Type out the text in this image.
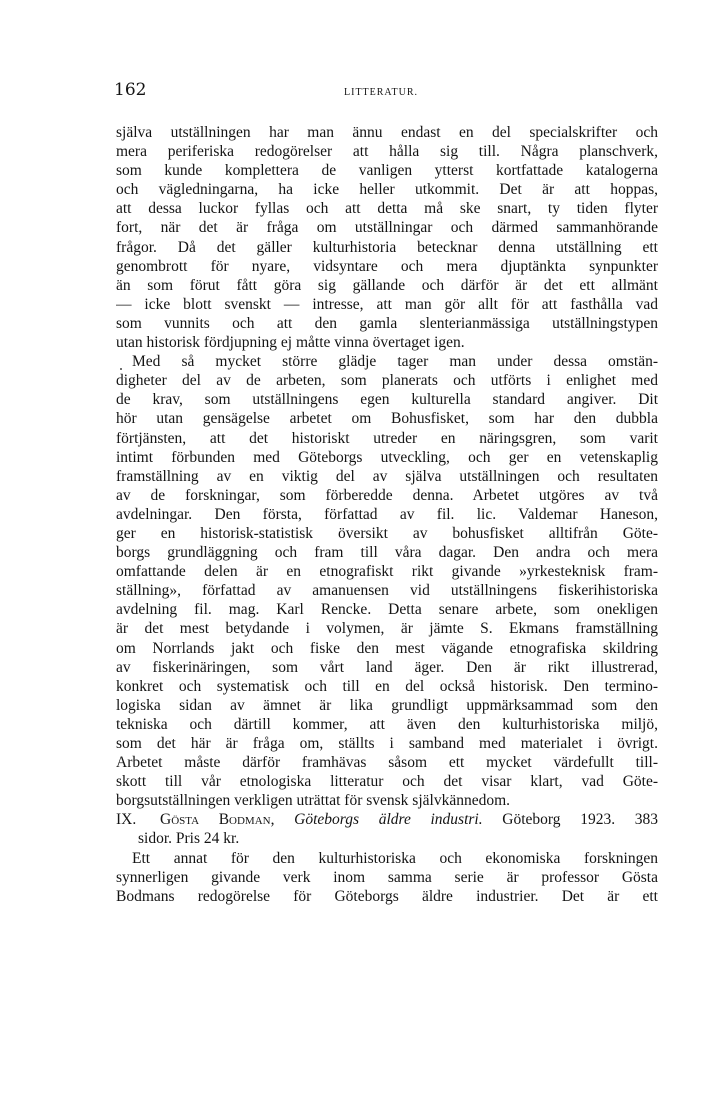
162	LITTERATUR.
själva utställningen har man ännu endast en del specialskrifter och
mera periferiska redogörelser att hålla sig till. Några planschverk,
som kunde komplettera de vanligen ytterst kortfattade katalogerna
och vägledningarna, ha icke heller utkommit. Det är att hoppas,
att dessa luckor fyllas och att detta må ske snart, ty tiden flyter
fort, när det är fråga om utställningar och därmed sammanhörande
frågor. Då det gäller kulturhistoria betecknar denna utställning ett
genombrott för nyare, vidsyntare och mera djuptänkta synpunkter
än som förut fått göra sig gällande och därför är det ett allmänt
— icke blott svenskt — intresse, att man gör allt för att fasthålla vad
som vunnits och att den gamla slenterianmässiga utställningstypen
utan historisk fördjupning ej måtte vinna övertaget igen.
Med så mycket större glädje tager man under dessa omstän-
digheter del av de arbeten, som planerats och utförts i enlighet med
de krav, som utställningens egen kulturella standard angiver. Dit
hör utan gensägelse arbetet om Bohusfisket, som har den dubbla
förtjänsten, att det historiskt utreder en näringsgren, som varit
intimt förbunden med Göteborgs utveckling, och ger en vetenskaplig
framställning av en viktig del av själva utställningen och resultaten
av de forskningar, som förberedde denna. Arbetet utgöres av två
avdelningar. Den första, författad av fil. lic. Valdemar Haneson,
ger en historisk-statistisk översikt av bohusfisket alltifrån Göte-
borgs grundläggning och fram till våra dagar. Den andra och mera
omfattande delen är en etnografiskt rikt givande »yrkesteknisk fram-
ställning», författad av amanuensen vid utställningens fiskerihistoriska
avdelning fil. mag. Karl Rencke. Detta senare arbete, som onekligen
är det mest betydande i volymen, är jämte S. Ekmans framställning
om Norrlands jakt och fiske den mest vägande etnografiska skildring
av fiskerinäringen, som vårt land äger. Den är rikt illustrerad,
konkret och systematisk och till en del också historisk. Den termino-
logiska sidan av ämnet är lika grundligt uppmärksammad som den
tekniska och därtill kommer, att även den kulturhistoriska miljö,
som det här är fråga om, ställts i samband med materialet i övrigt.
Arbetet måste därför framhävas såsom ett mycket värdefullt till-
skott till vår etnologiska litteratur och det visar klart, vad Göte-
borgsutställningen verkligen uträttat för svensk självkännedom.
IX. Gösta Bodman, Göteborgs äldre industri. Göteborg 1923. 383
sidor. Pris 24 kr.
Ett annat för den kulturhistoriska och ekonomiska forskningen
synnerligen givande verk inom samma serie är professor Gösta
Bodmans redogörelse för Göteborgs äldre industrier. Det är ett
